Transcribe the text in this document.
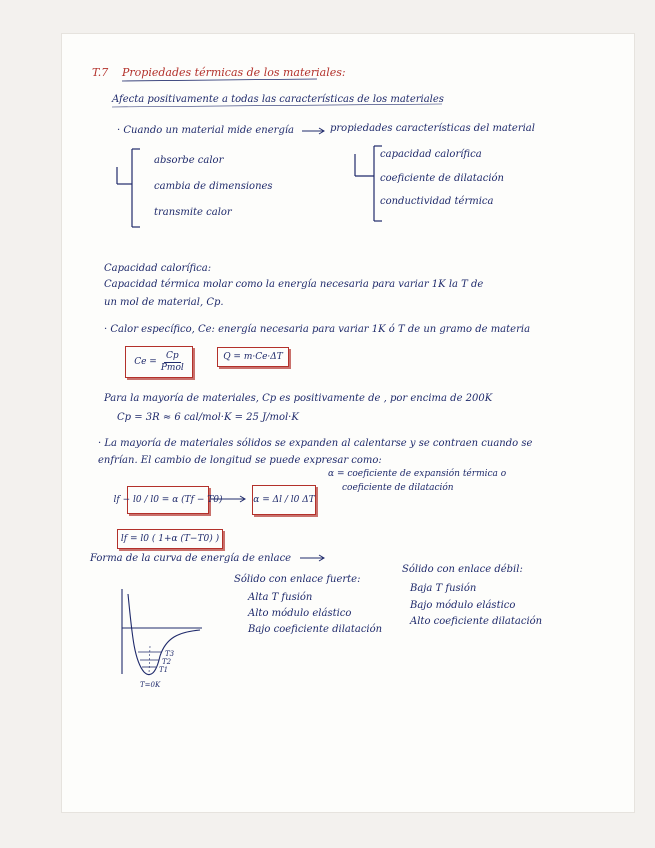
T.7 Propiedades térmicas de los materiales:
Afecta positivamente a todas las características de los materiales
· Cuando un material mide energía	propiedades características del material
absorbe calor
cambia de dimensiones
transmite calor
capacidad calorífica
coeficiente de dilatación
conductividad térmica
Capacidad calorífica:
Capacidad térmica molar como la energía necesaria para variar 1K la T de
un mol de material, Cp.
· Calor específico, Ce: energía necesaria para variar 1K ó T de un gramo de materia
Ce =
Cp
Pmol
Q = m·Ce·ΔT
Para la mayoría de materiales, Cp es positivamente de , por encima de 200K
Cp = 3R ≈ 6 cal/mol·K = 25 J/mol·K
· La mayoría de materiales sólidos se expanden al calentarse y se contraen cuando se
enfrían. El cambio de longitud se puede expresar como:
lf − l0 / l0 = α (Tf − T0)	α = Δl / l0 ΔT
α = coeficiente de expansión térmica o
coeficiente de dilatación
lf = l0 ( 1+α (T−T0) )
Forma de la curva de energía de enlace
Sólido con enlace fuerte:
Alta T fusión
Alto módulo elástico
Bajo coeficiente dilatación
Sólido con enlace débil:
Baja T fusión
Bajo módulo elástico
Alto coeficiente dilatación
T3
T2
T1
T=0K
